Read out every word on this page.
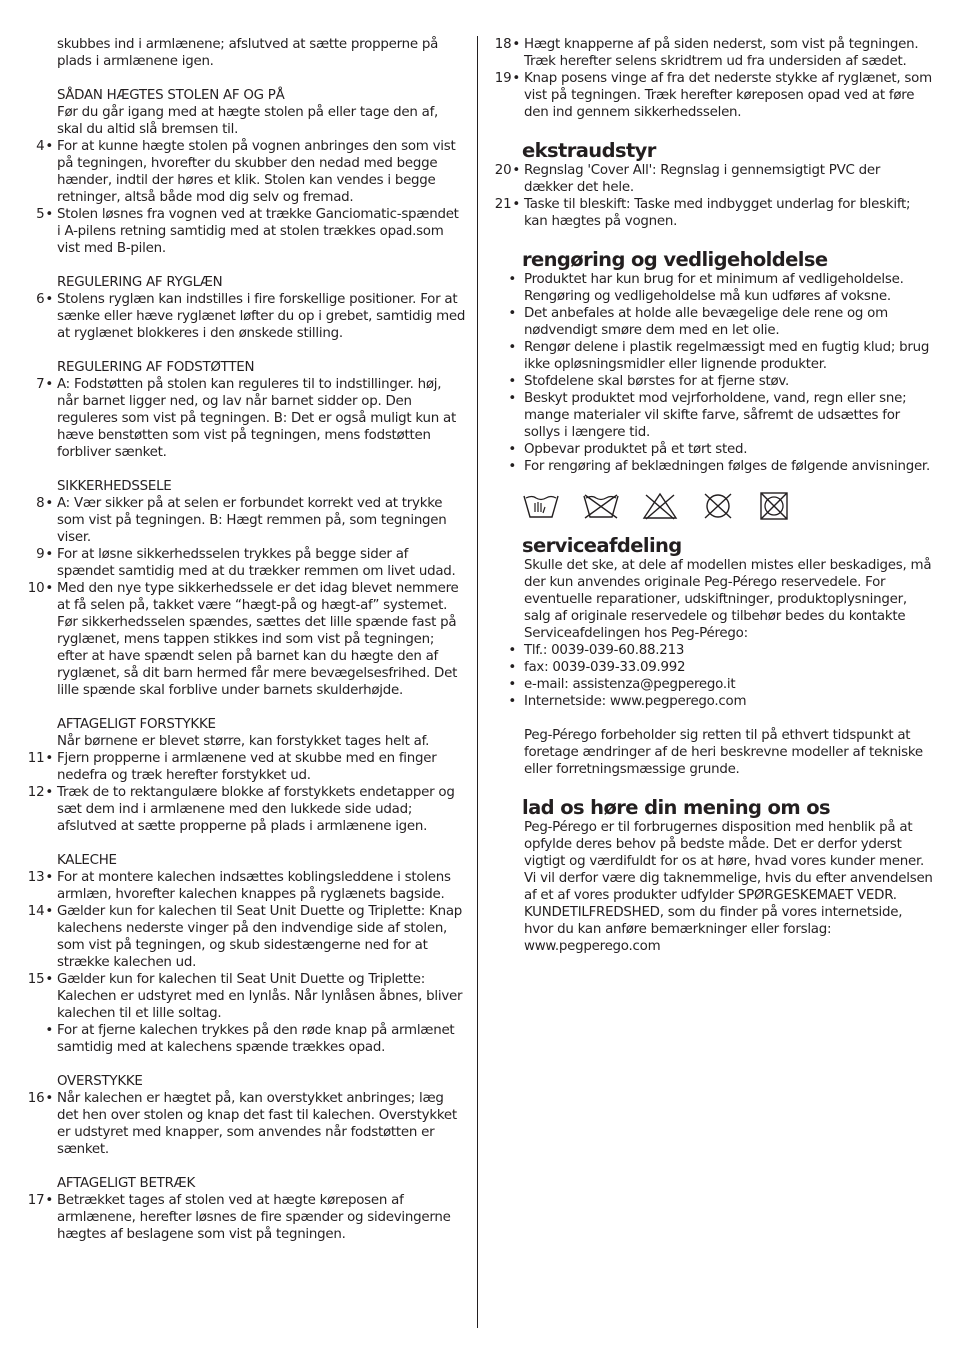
skubbes ind i armlænene; afslutved at sætte propperne på plads i armlænene igen.

SÅDAN HÆGTES STOLEN AF OG PÅ

Før du går igang med at hægte stolen på eller tage den af, skal du altid slå bremsen til.

4• For at kunne hægte stolen på vognen anbringes den som vist på tegningen, hvorefter du skubber den nedad med begge hænder, indtil der høres et klik. Stolen kan vendes i begge retninger, altså både mod dig selv og fremad.
5• Stolen løsnes fra vognen ved at trække Ganciomatic-spændet i A-pilens retning samtidig med at stolen trækkes opad.som vist med B-pilen.

REGULERING AF RYGLÆN

6• Stolens ryglæn kan indstilles i fire forskellige positioner. For at sænke eller hæve ryglænet løfter du op i grebet, samtidig med at ryglænet blokkeres i den ønskede stilling.

REGULERING AF FODSTØTTEN

7• A: Fodstøtten på stolen kan reguleres til to indstillinger. høj, når barnet ligger ned, og lav når barnet sidder op. Den reguleres som vist på tegningen. B: Det er også muligt kun at hæve benstøtten som vist på tegningen, mens fodstøtten forbliver sænket.

SIKKERHEDSSELE

8• A: Vær sikker på at selen er forbundet korrekt ved at trykke som vist på tegningen. B: Hægt remmen på, som tegningen viser.
9• For at løsne sikkerhedsselen trykkes på begge sider af spændet samtidig med at du trækker remmen om livet udad.
10• Med den nye type sikkerhedssele er det idag blevet nemmere at få selen på, takket være “hægt-på og hægt-af” systemet. Før sikkerhedsselen spændes, sættes det lille spænde fast på ryglænet, mens tappen stikkes ind som vist på tegningen; efter at have spændt selen på barnet kan du hægte den af ryglænet, så dit barn hermed får mere bevægelsesfrihed. Det lille spænde skal forblive under barnets skulderhøjde.

AFTAGELIGT FORSTYKKE

Når børnene er blevet større, kan forstykket tages helt af.

11• Fjern propperne i armlænene ved at skubbe med en finger nedefra og træk herefter forstykket ud.
12• Træk de to rektangulære blokke af forstykkets endetapper og sæt dem ind i armlænene med den lukkede side udad; afslutved at sætte propperne på plads i armlænene igen.

KALECHE

13• For at montere kalechen indsættes koblingsleddene i stolens armlæn, hvorefter kalechen knappes på ryglænets bagside.
14• Gælder kun for kalechen til Seat Unit Duette og Triplette: Knap kalechens nederste vinger på den indvendige side af stolen, som vist på tegningen, og skub sidestængerne ned for at strække kalechen ud.
15• Gælder kun for kalechen til Seat Unit Duette og Triplette: Kalechen er udstyret med en lynlås. Når lynlåsen åbnes, bliver kalechen til et lille soltag.
• For at fjerne kalechen trykkes på den røde knap på armlænet samtidig med at kalechens spænde trækkes opad.

OVERSTYKKE

16• Når kalechen er hægtet på, kan overstykket anbringes; læg det hen over stolen og knap det fast til kalechen. Overstykket er udstyret med knapper, som anvendes når fodstøtten er sænket.

AFTAGELIGT BETRÆK

17• Betrækket tages af stolen ved at hægte køreposen af armlænene, herefter løsnes de fire spænder og sidevingerne hægtes af beslagene som vist på tegningen.
18• Hægt knapperne af på siden nederst, som vist på tegningen. Træk herefter selens skridtrem ud fra undersiden af sædet.
19• Knap posens vinge af fra det nederste stykke af ryglænet, som vist på tegningen. Træk herefter køreposen opad ved at føre den ind gennem sikkerhedsselen.
ekstraudstyr
20• Regnslag 'Cover All': Regnslag i gennemsigtigt PVC der dækker det hele.
21• Taske til bleskift: Taske med indbygget underlag for bleskift; kan hægtes på vognen.
rengøring og vedligeholdelse
• Produktet har kun brug for et minimum af vedligeholdelse. Rengøring og vedligeholdelse må kun udføres af voksne.
• Det anbefales at holde alle bevægelige dele rene og om nødvendigt smøre dem med en let olie.
• Rengør delene i plastik regelmæssigt med en fugtig klud; brug ikke opløsningsmidler eller lignende produkter.
• Stofdelene skal børstes for at fjerne støv.
• Beskyt produktet mod vejrforholdene, vand, regn eller sne; mange materialer vil skifte farve, såfremt de udsættes for sollys i længere tid.
• Opbevar produktet på et tørt sted.
• For rengøring af beklædningen følges de følgende anvisninger.
serviceafdeling

Skulle det ske, at dele af modellen mistes eller beskadiges, må der kun anvendes originale Peg-Pérego reservedele. For eventuelle reparationer, udskiftninger, produktoplysninger, salg af originale reservedele og tilbehør bedes du kontakte Serviceafdelingen hos Peg-Pérego:

• Tlf.: 0039-039-60.88.213
• fax: 0039-039-33.09.992
• e-mail: assistenza@pegperego.it
• Internetside: www.pegperego.com

Peg-Pérego forbeholder sig retten til på ethvert tidspunkt at foretage ændringer af de heri beskrevne modeller af tekniske eller forretningsmæssige grunde.

lad os høre din mening om os

Peg-Pérego er til forbrugernes disposition med henblik på at opfylde deres behov på bedste måde. Det er derfor yderst vigtigt og værdifuldt for os at høre, hvad vores kunder mener. Vi vil derfor være dig taknemmelige, hvis du efter anvendelsen af et af vores produkter udfylder SPØRGESKEMAET VEDR. KUNDETILFREDSHED, som du finder på vores internetside, hvor du kan anføre bemærkninger eller forslag: www.pegperego.com
